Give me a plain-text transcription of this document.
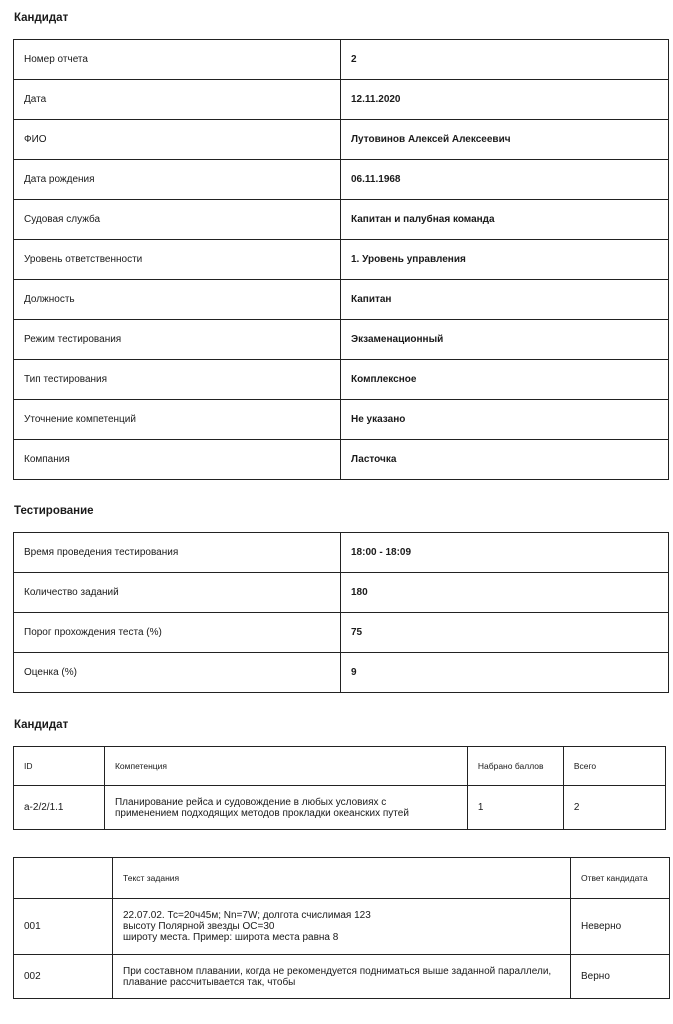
Кандидат
Номер отчета	2
Дата	12.11.2020
ФИО	Лутовинов Алексей Алексеевич
Дата рождения	06.11.1968
Судовая служба	Капитан и палубная команда
Уровень ответственности	1. Уровень управления
Должность	Капитан
Режим тестирования	Экзаменационный
Тип тестирования	Комплексное
Уточнение компетенций	Не указано
Компания	Ласточка
Тестирование
Время проведения тестирования	18:00 - 18:09
Количество заданий	180
Порог прохождения теста (%)	75
Оценка (%)	9
Кандидат
ID	Компетенция	Набрано баллов	Всего
a-2/2/1.1	Планирование рейса и судовождение в любых условиях с
применением подходящих методов прокладки океанских путей	1	2
	Текст задания	Ответ кандидата
001	22.07.02. Тс=20ч45м; Nn=7W; долгота счислимая 123
высоту Полярной звезды ОС=30
широту места. Пример: широта места равна 8	Неверно
002	При составном плавании, когда не рекомендуется подниматься выше заданной параллели,
плавание рассчитывается так, чтобы	Верно
